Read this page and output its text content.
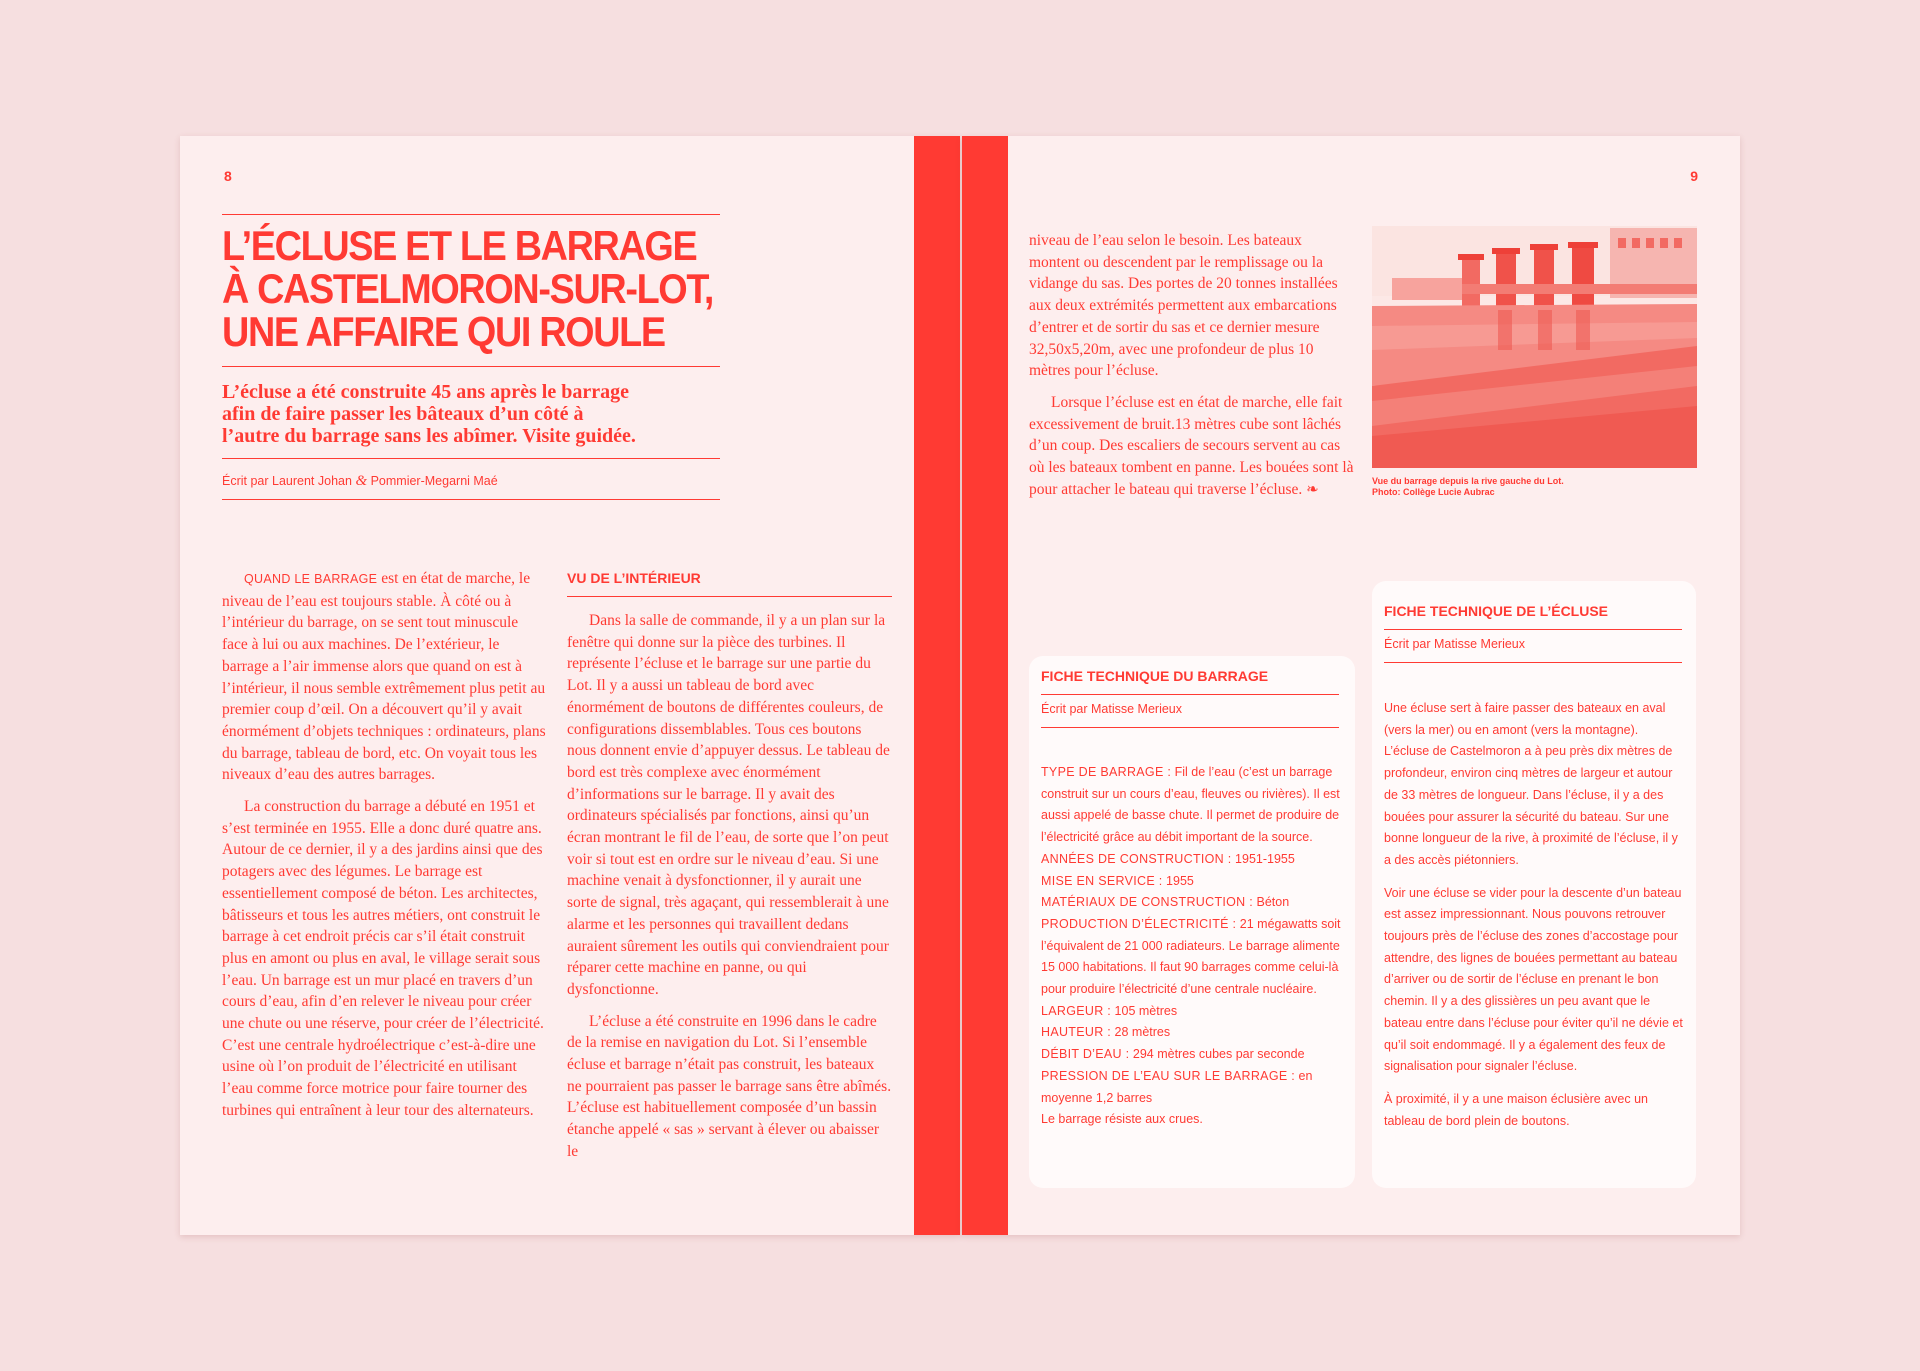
8
L’ÉCLUSE ET LE BARRAGE
À CASTELMORON-SUR-LOT,
UNE AFFAIRE QUI ROULE

L’écluse a été construite 45 ans après le barrage afin de faire passer les bâteaux d’un côté à l’autre du barrage sans les abîmer. Visite guidée.

Écrit par Laurent Johan & Pommier-Megarni Maé

QUAND LE BARRAGE est en état de marche, le niveau de l’eau est toujours stable. À côté ou à l’intérieur du barrage, on se sent tout minuscule face à lui ou aux machines. De l’extérieur, le barrage a l’air immense alors que quand on est à l’intérieur, il nous semble extrêmement plus petit au premier coup d’œil. On a découvert qu’il y avait énormément d’objets techniques : ordinateurs, plans du barrage, tableau de bord, etc. On voyait tous les niveaux d’eau des autres barrages.

La construction du barrage a débuté en 1951 et s’est terminée en 1955. Elle a donc duré quatre ans. Autour de ce dernier, il y a des jardins ainsi que des potagers avec des légumes. Le barrage est essentiellement composé de béton. Les architectes, bâtisseurs et tous les autres métiers, ont construit le barrage à cet endroit précis car s’il était construit plus en amont ou plus en aval, le village serait sous l’eau. Un barrage est un mur placé en travers d’un cours d’eau, afin d’en relever le niveau pour créer une chute ou une réserve, pour créer de l’électricité. C’est une centrale hydroélectrique c’est-à-dire une usine où l’on produit de l’électricité en utilisant l’eau comme force motrice pour faire tourner des turbines qui entraînent à leur tour des alternateurs.

VU DE L’INTÉRIEUR

Dans la salle de commande, il y a un plan sur la fenêtre qui donne sur la pièce des turbines. Il représente l’écluse et le barrage sur une partie du Lot. Il y a aussi un tableau de bord avec énormément de boutons de différentes couleurs, de configurations dissemblables. Tous ces boutons nous donnent envie d’appuyer dessus. Le tableau de bord est très complexe avec énormément d’informations sur le barrage. Il y avait des ordinateurs spécialisés par fonctions, ainsi qu’un écran montrant le fil de l’eau, de sorte que l’on peut voir si tout est en ordre sur le niveau d’eau. Si une machine venait à dysfonctionner, il y aurait une sorte de signal, très agaçant, qui ressemblerait à une alarme et les personnes qui travaillent dedans auraient sûrement les outils qui conviendraient pour réparer cette machine en panne, ou qui dysfonctionne.

L’écluse a été construite en 1996 dans le cadre de la remise en navigation du Lot. Si l’ensemble écluse et barrage n’était pas construit, les bateaux ne pourraient pas passer le barrage sans être abîmés. L’écluse est habituellement composée d’un bassin étanche appelé « sas » servant à élever ou abaisser le

9

niveau de l’eau selon le besoin. Les bateaux montent ou descendent par le remplissage ou la vidange du sas. Des portes de 20 tonnes installées aux deux extrémités permettent aux embarcations d’entrer et de sortir du sas et ce dernier mesure 32,50x5,20m, avec une profondeur de plus 10 mètres pour l’écluse.

Lorsque l’écluse est en état de marche, elle fait excessivement de bruit.13 mètres cube sont lâchés d’un coup. Des escaliers de secours servent au cas où les bateaux tombent en panne. Les bouées sont là pour attacher le bateau qui traverse l’écluse. ❧

Vue du barrage depuis la rive gauche du Lot.
Photo: Collège Lucie Aubrac
FICHE TECHNIQUE DU BARRAGE
Écrit par Matisse Merieux
TYPE DE BARRAGE : Fil de l’eau (c’est un barrage construit sur un cours d’eau, fleuves ou rivières). Il est aussi appelé de basse chute. Il permet de produire de l’électricité grâce au débit important de la source.
ANNÉES DE CONSTRUCTION : 1951-1955
MISE EN SERVICE : 1955
MATÉRIAUX DE CONSTRUCTION : Béton
PRODUCTION D’ÉLECTRICITÉ : 21 mégawatts soit l’équivalent de 21 000 radiateurs. Le barrage alimente 15 000 habitations. Il faut 90 barrages comme celui-là pour produire l’électricité d’une centrale nucléaire.
LARGEUR : 105 mètres
HAUTEUR : 28 mètres
DÉBIT D’EAU : 294 mètres cubes par seconde
PRESSION DE L’EAU SUR LE BARRAGE : en moyenne 1,2 barres
Le barrage résiste aux crues.
FICHE TECHNIQUE DE L’ÉCLUSE
Écrit par Matisse Merieux

Une écluse sert à faire passer des bateaux en aval (vers la mer) ou en amont (vers la montagne). L’écluse de Castelmoron a à peu près dix mètres de profondeur, environ cinq mètres de largeur et autour de 33 mètres de longueur. Dans l’écluse, il y a des bouées pour assurer la sécurité du bateau. Sur une bonne longueur de la rive, à proximité de l’écluse, il y a des accès piétonniers.

Voir une écluse se vider pour la descente d’un bateau est assez impressionnant. Nous pouvons retrouver toujours près de l’écluse des zones d’accostage pour attendre, des lignes de bouées permettant au bateau d’arriver ou de sortir de l’écluse en prenant le bon chemin. Il y a des glissières un peu avant que le bateau entre dans l’écluse pour éviter qu’il ne dévie et qu’il soit endommagé. Il y a également des feux de signalisation pour signaler l’écluse.

À proximité, il y a une maison éclusière avec un tableau de bord plein de boutons.
